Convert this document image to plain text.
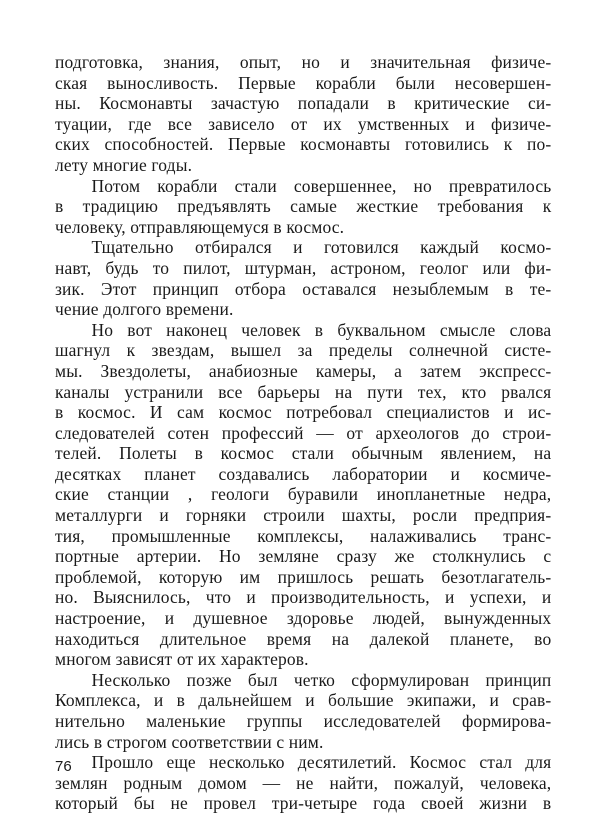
подготовка, знания, опыт, но и значительная физиче-
ская выносливость. Первые корабли были несовершен-
ны. Космонавты зачастую попадали в критические си-
туации, где все зависело от их умственных и физиче-
ских способностей. Первые космонавты готовились к по-
лету многие годы.
Потом корабли стали совершеннее, но превратилось
в традицию предъявлять самые жесткие требования к
человеку, отправляющемуся в космос.
Тщательно отбирался и готовился каждый космо-
навт, будь то пилот, штурман, астроном, геолог или фи-
зик. Этот принцип отбора оставался незыблемым в те-
чение долгого времени.
Но вот наконец человек в буквальном смысле слова
шагнул к звездам, вышел за пределы солнечной систе-
мы. Звездолеты, анабиозные камеры, а затем экспресс-
каналы устранили все барьеры на пути тех, кто рвался
в космос. И сам космос потребовал специалистов и ис-
следователей сотен профессий — от археологов до строи-
телей. Полеты в космос стали обычным явлением, на
десятках планет создавались лаборатории и космиче-
ские станции , геологи буравили инопланетные недра,
металлурги и горняки строили шахты, росли предприя-
тия, промышленные комплексы, налаживались транс-
портные артерии. Но земляне сразу же столкнулись с
проблемой, которую им пришлось решать безотлагатель-
но. Выяснилось, что и производительность, и успехи, и
настроение, и душевное здоровье людей, вынужденных
находиться длительное время на далекой планете, во
многом зависят от их характеров.
Несколько позже был четко сформулирован принцип
Комплекса, и в дальнейшем и большие экипажи, и срав-
нительно маленькие группы исследователей формирова-
лись в строгом соответствии с ним.
Прошло еще несколько десятилетий. Космос стал для
землян родным домом — не найти, пожалуй, человека,
который бы не провел три-четыре года своей жизни в
76
